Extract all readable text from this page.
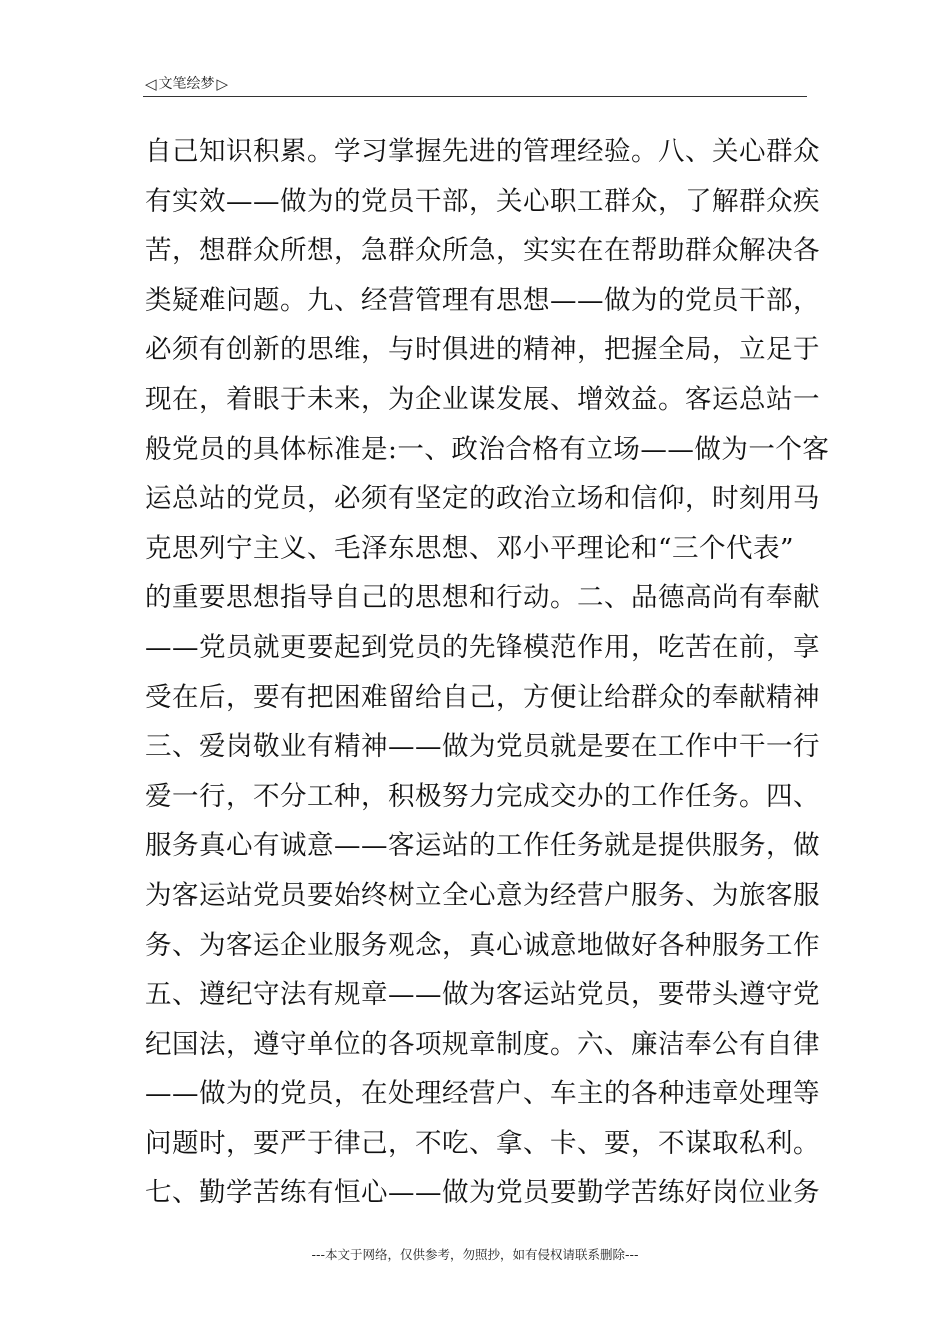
◁ 文笔绘梦 ▷
自己知识积累。学习掌握先进的管理经验。八、关心群众
有实效——做为的党员干部，关心职工群众，了解群众疾
苦，想群众所想，急群众所急，实实在在帮助群众解决各
类疑难问题。九、经营管理有思想——做为的党员干部，
必须有创新的思维，与时俱进的精神，把握全局，立足于
现在，着眼于未来，为企业谋发展、增效益。客运总站一
般党员的具体标准是:一、政治合格有立场——做为一个客
运总站的党员，必须有坚定的政治立场和信仰，时刻用马
克思列宁主义、毛泽东思想、邓小平理论和“三个代表”
的重要思想指导自己的思想和行动。二、品德高尚有奉献
——党员就更要起到党员的先锋模范作用，吃苦在前，享
受在后，要有把困难留给自己，方便让给群众的奉献精神
三、爱岗敬业有精神——做为党员就是要在工作中干一行
爱一行，不分工种，积极努力完成交办的工作任务。四、
服务真心有诚意——客运站的工作任务就是提供服务，做
为客运站党员要始终树立全心意为经营户服务、为旅客服
务、为客运企业服务观念，真心诚意地做好各种服务工作
五、遵纪守法有规章——做为客运站党员，要带头遵守党
纪国法，遵守单位的各项规章制度。六、廉洁奉公有自律
——做为的党员，在处理经营户、车主的各种违章处理等
问题时，要严于律己，不吃、拿、卡、要，不谋取私利。
七、勤学苦练有恒心——做为党员要勤学苦练好岗位业务
---本文于网络，仅供参考，勿照抄，如有侵权请联系删除---
